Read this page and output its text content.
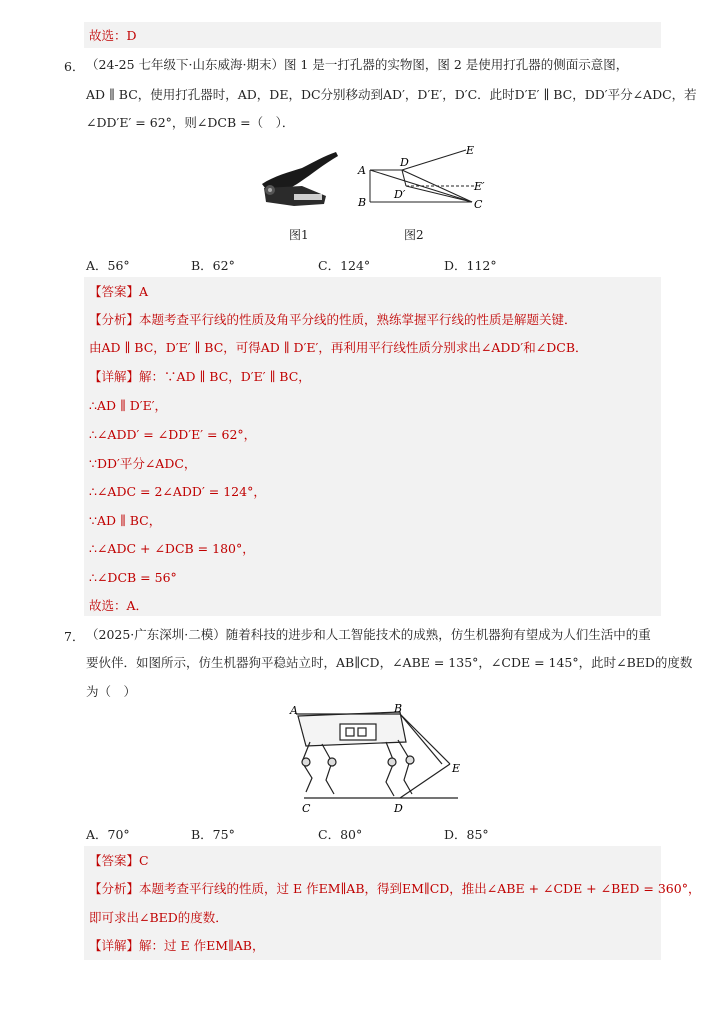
故选：D
6． （24-25 七年级下·山东威海·期末）图 1 是一打孔器的实物图，图 2 是使用打孔器的侧面示意图，
AD ∥ BC，使用打孔器时，AD，DE，DC分别移动到AD′，D′E′，D′C．此时D′E′ ∥ BC，DD′平分∠ADC，若
∠DD′E′ = 62°，则∠DCB =（　）．
图1
A
B	C
D
D′
E
E′
图2
A．56°	B．62°	C．124°	D．112°
【答案】A
【分析】本题考查平行线的性质及角平分线的性质，熟练掌握平行线的性质是解题关键．
由AD ∥ BC，D′E′ ∥ BC，可得AD ∥ D′E′，再利用平行线性质分别求出∠ADD′和∠DCB．
【详解】解：∵AD ∥ BC，D′E′ ∥ BC，
∴AD ∥ D′E′，
∴∠ADD′ = ∠DD′E′ = 62°，
∵DD′平分∠ADC，
∴∠ADC = 2∠ADD′ = 124°，
∵AD ∥ BC，
∴∠ADC + ∠DCB = 180°，
∴∠DCB = 56°
故选：A．
7． （2025·广东深圳·二模）随着科技的进步和人工智能技术的成熟，仿生机器狗有望成为人们生活中的重
要伙伴．如图所示，仿生机器狗平稳站立时，AB∥CD，∠ABE = 135°，∠CDE = 145°，此时∠BED的度数
为（　）
A	B
C	D
E
A．70°	B．75°	C．80°	D．85°
【答案】C
【分析】本题考查平行线的性质，过 E 作EM∥AB，得到EM∥CD，推出∠ABE + ∠CDE + ∠BED = 360°，
即可求出∠BED的度数．
【详解】解：过 E 作EM∥AB，
